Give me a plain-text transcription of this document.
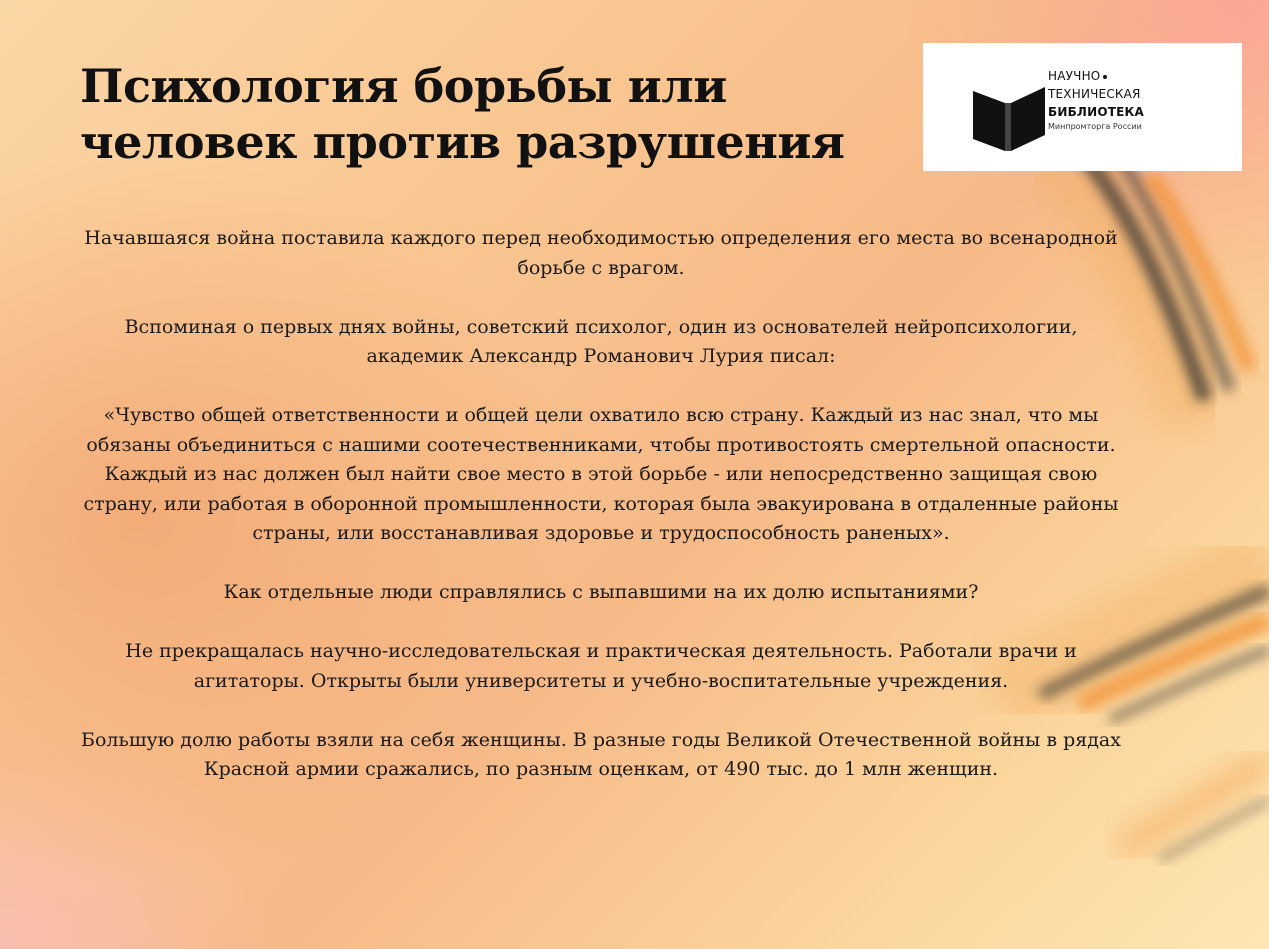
Психология борьбы или
человек против разрушения
НАУЧНО
ТЕХНИЧЕСКАЯ
БИБЛИОТЕКА
Минпромторга России

Начавшаяся война поставила каждого перед необходимостью определения его места во всенародной борьбе с врагом.

Вспоминая о первых днях войны, советский психолог, один из основателей нейропсихологии, академик Александр Романович Лурия писал:

«Чувство общей ответственности и общей цели охватило всю страну. Каждый из нас знал, что мы обязаны объединиться с нашими соотечественниками, чтобы противостоять смертельной опасности. Каждый из нас должен был найти свое место в этой борьбе - или непосредственно защищая свою страну, или работая в оборонной промышленности, которая была эвакуирована в отдаленные районы страны, или восстанавливая здоровье и трудоспособность раненых».

Как отдельные люди справлялись с выпавшими на их долю испытаниями?

Не прекращалась научно-исследовательская и практическая деятельность. Работали врачи и агитаторы. Открыты были университеты и учебно-воспитательные учреждения.

Большую долю работы взяли на себя женщины. В разные годы Великой Отечественной войны в рядах Красной армии сражались, по разным оценкам, от 490 тыс. до 1 млн женщин.
